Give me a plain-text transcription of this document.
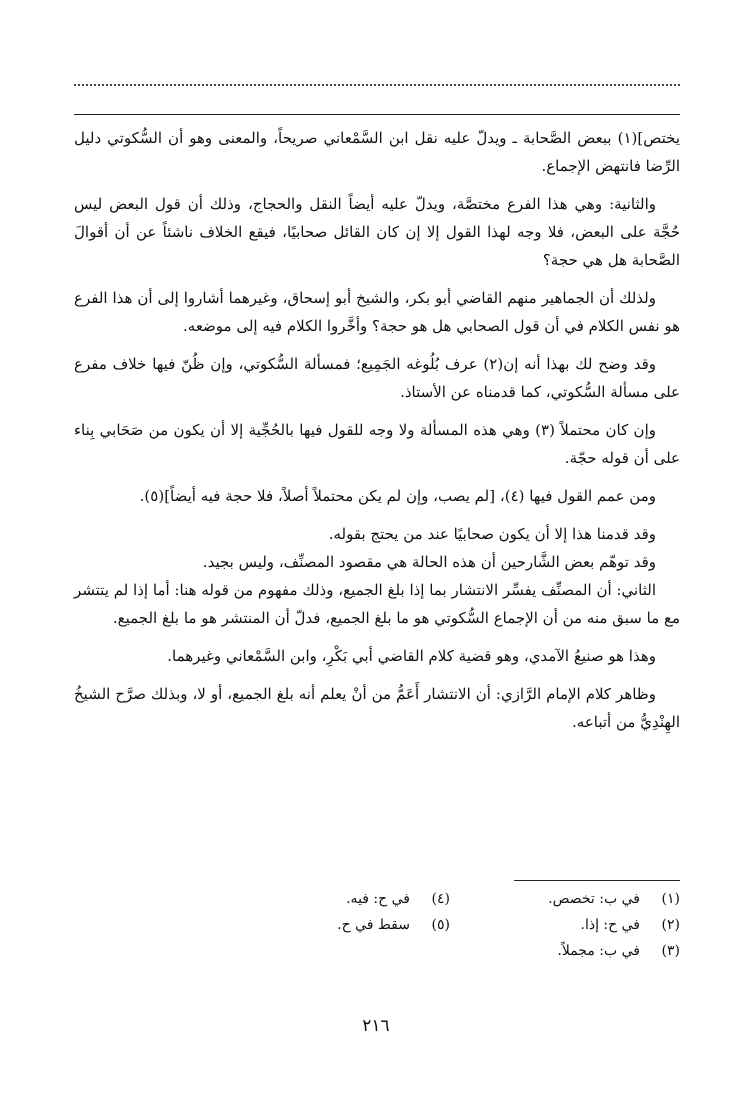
يختص](١) ببعض الصَّحابة ـ ويدلّ عليه نقل ابن السَّمْعاني صريحاً، والمعنى وهو أن السُّكوتي دليل الرِّضا فانتهض الإجماع.

والثانية: وهي هذا الفرع مختصَّة، ويدلّ عليه أيضاً النقل والحجاج، وذلك أن قول البعض ليس حُجَّة على البعض، فلا وجه لهذا القول إلا إن كان القائل صحابيًا، فيقع الخلاف ناشئاً عن أن أقوالَ الصَّحابة هل هي حجة؟

ولذلك أن الجماهير منهم القاضي أبو بكر، والشيخ أبو إسحاق، وغيرهما أشاروا إلى أن هذا الفرع هو نفس الكلام في أن قول الصحابي هل هو حجة؟ وأخَّروا الكلام فيه إلى موضعه.

وقد وضح لك بهذا أنه إن(٢) عرف بُلُوغه الجَمِيع؛ فمسألة السُّكوتي، وإن ظُنّ فيها خلاف مفرع على مسألة السُّكوتي، كما قدمناه عن الأستاذ.

وإن كان محتملاً (٣) وهي هذه المسألة ولا وجه للقول فيها بالحُجِّية إلا أن يكون من صَحَابي بِناء على أن قوله حجّة.

ومن عمم القول فيها (٤)، [لم يصب، وإن لم يكن محتملاً أصلاً، فلا حجة فيه أيضاً](٥).

وقد قدمنا هذا إلا أن يكون صحابيًا عند من يحتج بقوله.

وقد توهّم بعض الشَّارحين أن هذه الحالة هي مقصود المصنِّف، وليس بجيد.

الثاني: أن المصنِّف يفسِّر الانتشار بما إذا بلغ الجميع، وذلك مفهوم من قوله هنا: أما إذا لم يتتشر مع ما سبق منه من أن الإجماع السُّكوتي هو ما بلغ الجميع، فدلّ أن المنتشر هو ما بلغ الجميع.

وهذا هو صنيعُ الآمدي، وهو قضية كلام القاضي أبي بَكْرِ، وابن السَّمْعاني وغيرهما.

وظاهر كلام الإمام الرَّازي: أن الانتشار أَعَمُّ من أنْ يعلم أنه بلغ الجميع، أو لا، وبذلك صرَّح الشيخُ الهِنْدِيُّ من أتباعه.

(١)في ب: تخصص.
(٢)في ح: إذا.
(٣)في ب: مجملاً.
(٤)في ح: فيه.
(٥)سقط في ح.
٢١٦
